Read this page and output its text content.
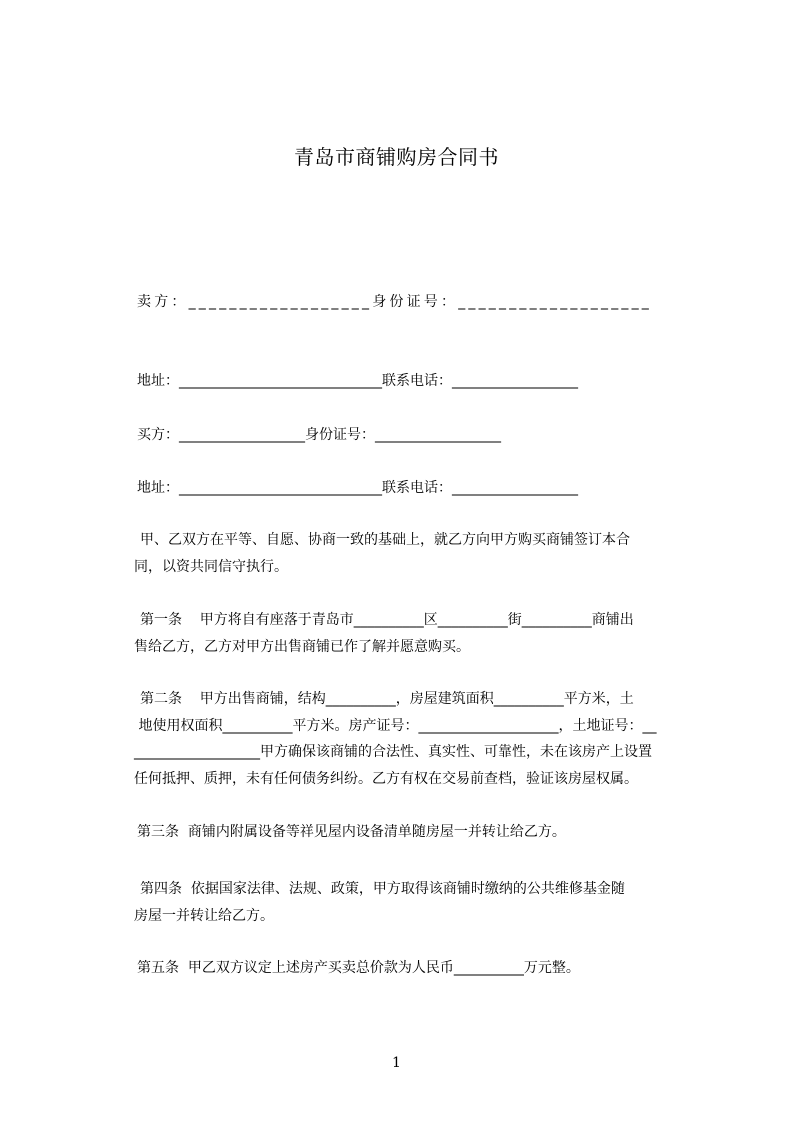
青岛市商铺购房合同书
卖方：__________________身份证号：___________________
地址：_____________________________联系电话：__________________
买方：__________________身份证号：__________________
地址：_____________________________联系电话：__________________
甲、乙双方在平等、自愿、协商一致的基础上，就乙方向甲方购买商铺签订本合
同，以资共同信守执行。
第一条    甲方将自有座落于青岛市__________区__________街__________商铺出
售给乙方，乙方对甲方出售商铺已作了解并愿意购买。
第二条    甲方出售商铺，结构__________，房屋建筑面积__________平方米，土
地使用权面积__________平方米。房产证号：____________________，土地证号：__
__________________甲方确保该商铺的合法性、真实性、可靠性，未在该房产上设置
任何抵押、质押，未有任何债务纠纷。乙方有权在交易前查档，验证该房屋权属。
第三条  商铺内附属设备等祥见屋内设备清单随房屋一并转让给乙方。
第四条  依据国家法律、法规、政策，甲方取得该商铺时缴纳的公共维修基金随
房屋一并转让给乙方。
第五条  甲乙双方议定上述房产买卖总价款为人民币__________万元整。
1
